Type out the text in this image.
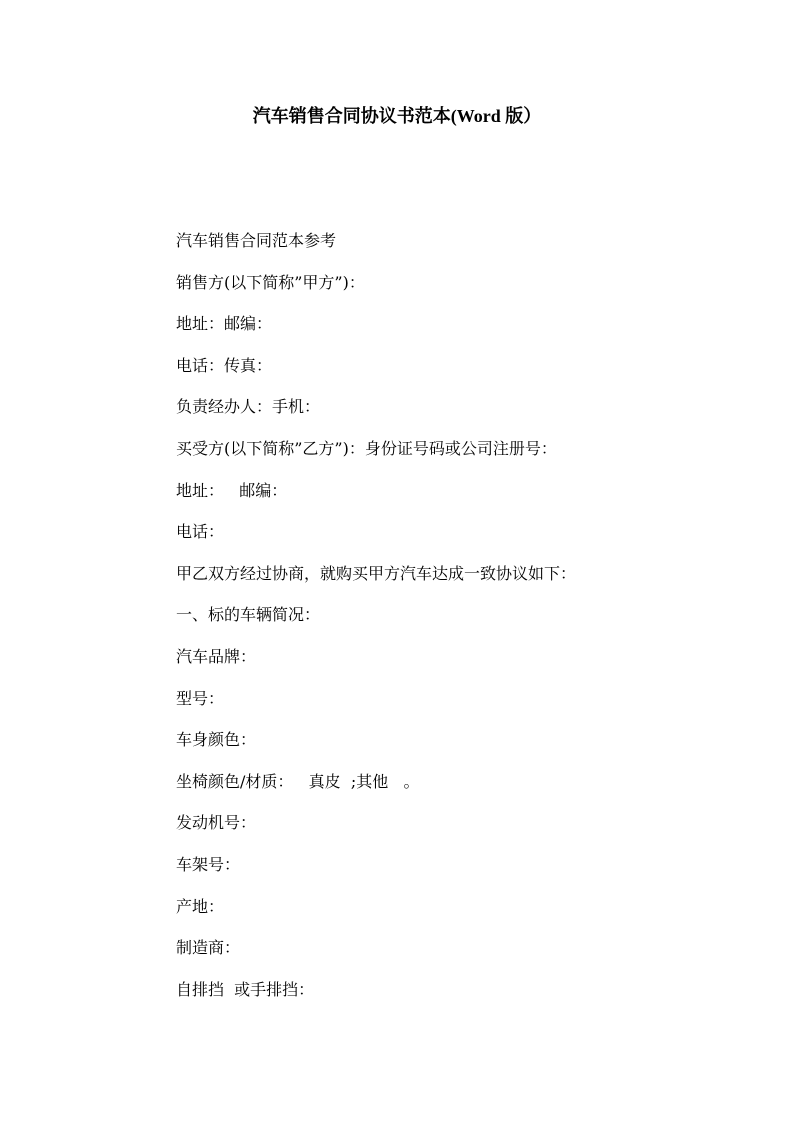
汽车销售合同协议书范本(Word 版）

汽车销售合同范本参考

销售方(以下简称”甲方”)：

地址：邮编：

电话：传真：

负责经办人：手机：

买受方(以下简称”乙方”)：身份证号码或公司注册号：

地址：   邮编：

电话：

甲乙双方经过协商，就购买甲方汽车达成一致协议如下：

一、标的车辆简况：

汽车品牌：

型号：

车身颜色：

坐椅颜色/材质：   真皮  ;其他   。

发动机号：

车架号：

产地：

制造商：

自排挡  或手排挡：
